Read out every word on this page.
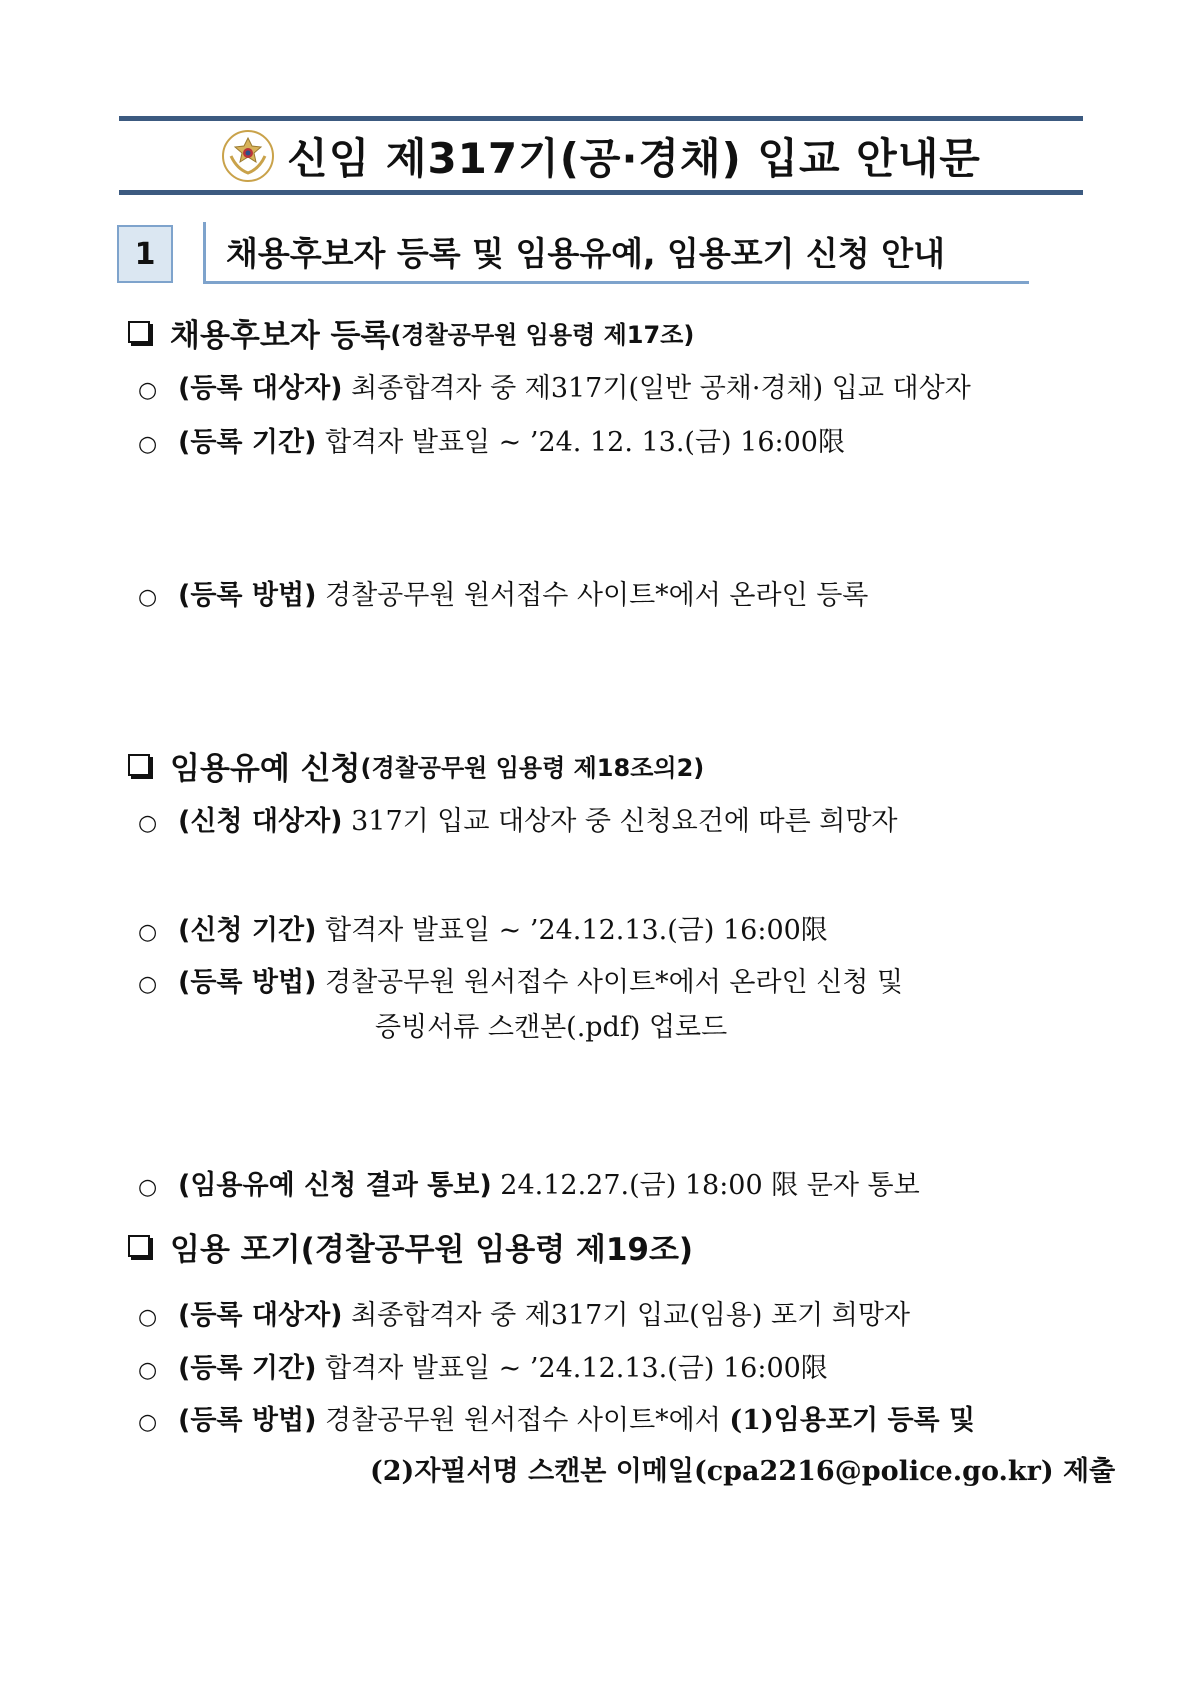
신임 제317기(공·경채) 입교 안내문
1	채용후보자 등록 및 임용유예, 임용포기 신청 안내
채용후보자 등록 (경찰공무원 임용령 제17조)
○ (등록 대상자) 최종합격자 중 제317기(일반 공채·경채) 입교 대상자
○ (등록 기간) 합격자 발표일 ~ ’24. 12. 13.(금) 16:00限
○ (등록 방법) 경찰공무원 원서접수 사이트*에서 온라인 등록
임용유예 신청 (경찰공무원 임용령 제18조의2)
○ (신청 대상자) 317기 입교 대상자 중 신청요건에 따른 희망자
○ (신청 기간) 합격자 발표일 ~ ’24.12.13.(금) 16:00限
○ (등록 방법) 경찰공무원 원서접수 사이트*에서 온라인 신청 및
증빙서류 스캔본(.pdf) 업로드
○ (임용유예 신청 결과 통보) 24.12.27.(금) 18:00 限 문자 통보
임용 포기 (경찰공무원 임용령 제19조)
○ (등록 대상자) 최종합격자 중 제317기 입교(임용) 포기 희망자
○ (등록 기간) 합격자 발표일 ~ ’24.12.13.(금) 16:00限
○ (등록 방법) 경찰공무원 원서접수 사이트*에서 (1)임용포기 등록 및
(2)자필서명 스캔본 이메일(cpa2216@police.go.kr) 제출
